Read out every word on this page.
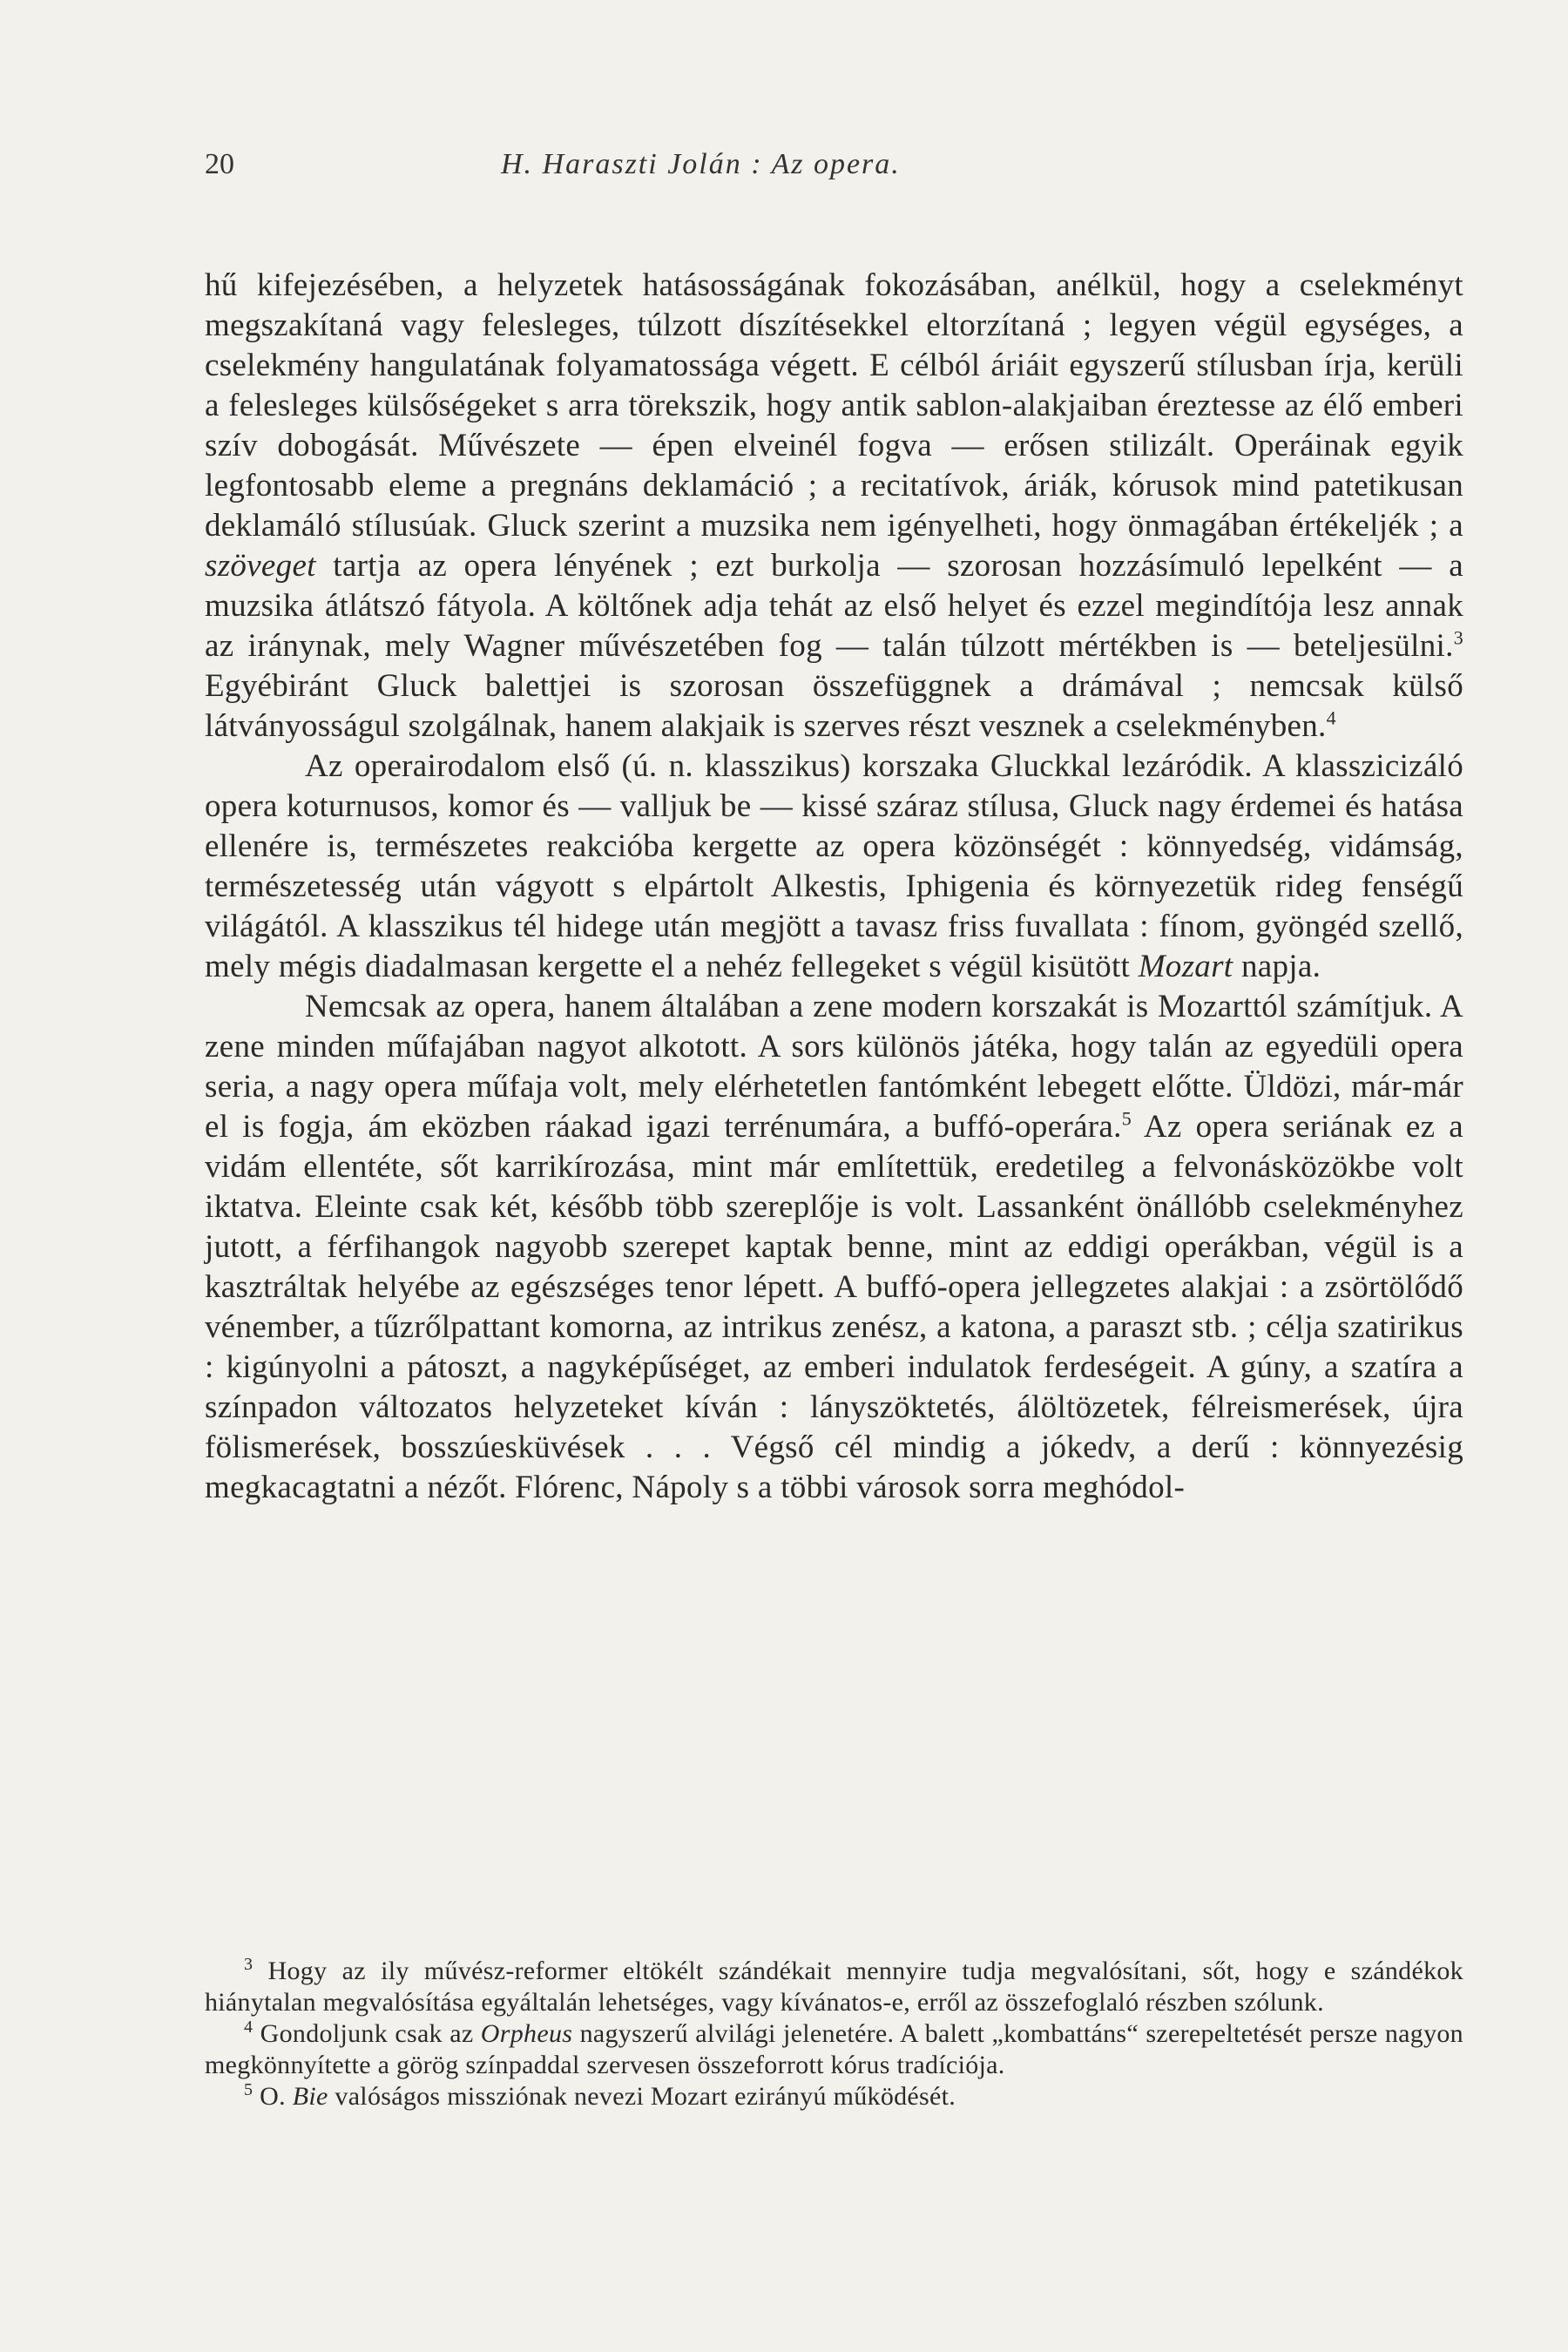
20	H. Haraszti Jolán : Az opera.

hű kifejezésében, a helyzetek hatásosságának fokozásában, anélkül, hogy a cselekményt megszakítaná vagy felesleges, túlzott díszítésekkel eltorzítaná ; legyen végül egységes, a cselekmény hangulatának folyamatossága végett. E célból áriáit egyszerű stílusban írja, kerüli a felesleges külsőségeket s arra törekszik, hogy antik sablon-alakjaiban éreztesse az élő emberi szív dobogását. Művészete — épen elveinél fogva — erősen stilizált. Operáinak egyik legfontosabb eleme a pregnáns deklamáció ; a recitatívok, áriák, kórusok mind patetikusan deklamáló stílusúak. Gluck szerint a muzsika nem igényelheti, hogy önmagában értékeljék ; a szöveget tartja az opera lényének ; ezt burkolja — szorosan hozzásímuló lepelként — a muzsika átlátszó fátyola. A költőnek adja tehát az első helyet és ezzel megindítója lesz annak az iránynak, mely Wagner művészetében fog — talán túlzott mértékben is — beteljesülni.$^3$ Egyébiránt Gluck balettjei is szorosan összefüggnek a drámával ; nemcsak külső látványosságul szolgálnak, hanem alakjaik is szerves részt vesznek a cselekményben.$^4$

Az operairodalom első (ú. n. klasszikus) korszaka Gluckkal lezáródik. A klasszicizáló opera koturnusos, komor és — valljuk be — kissé száraz stílusa, Gluck nagy érdemei és hatása ellenére is, természetes reakcióba kergette az opera közönségét : könnyedség, vidámság, természetesség után vágyott s elpártolt Alkestis, Iphigenia és környezetük rideg fenségű világától. A klasszikus tél hidege után megjött a tavasz friss fuvallata : fínom, gyöngéd szellő, mely mégis diadalmasan kergette el a nehéz fellegeket s végül kisütött Mozart napja.

Nemcsak az opera, hanem általában a zene modern korszakát is Mozarttól számítjuk. A zene minden műfajában nagyot alkotott. A sors különös játéka, hogy talán az egyedüli opera seria, a nagy opera műfaja volt, mely elérhetetlen fantómként lebegett előtte. Üldözi, már-már el is fogja, ám eközben ráakad igazi terrénumára, a buffó-operára.$^5$ Az opera seriának ez a vidám ellentéte, sőt karrikírozása, mint már említettük, eredetileg a felvonásközökbe volt iktatva. Eleinte csak két, később több szereplője is volt. Lassanként önállóbb cselekményhez jutott, a férfihangok nagyobb szerepet kaptak benne, mint az eddigi operákban, végül is a kasztráltak helyébe az egészséges tenor lépett. A buffó-opera jellegzetes alakjai : a zsörtölődő vénember, a tűzrőlpattant komorna, az intrikus zenész, a katona, a paraszt stb. ; célja szatirikus : kigúnyolni a pátoszt, a nagyképűséget, az emberi indulatok ferdeségeit. A gúny, a szatíra a színpadon változatos helyzeteket kíván : lányszöktetés, álöltözetek, félreismerések, újra fölismerések, bosszúesküvések . . . Végső cél mindig a jókedv, a derű : könnyezésig megkacagtatni a nézőt. Flórenc, Nápoly s a többi városok sorra meghódol-

$^3$ Hogy az ily művész-reformer eltökélt szándékait mennyire tudja megvalósítani, sőt, hogy e szándékok hiánytalan megvalósítása egyáltalán lehetséges, vagy kívánatos-e, erről az összefoglaló részben szólunk.

$^4$ Gondoljunk csak az Orpheus nagyszerű alvilági jelenetére. A balett „kombattáns“ szerepeltetését persze nagyon megkönnyítette a görög színpaddal szervesen összeforrott kórus tradíciója.

$^5$ O. Bie valóságos missziónak nevezi Mozart ezirányú működését.
